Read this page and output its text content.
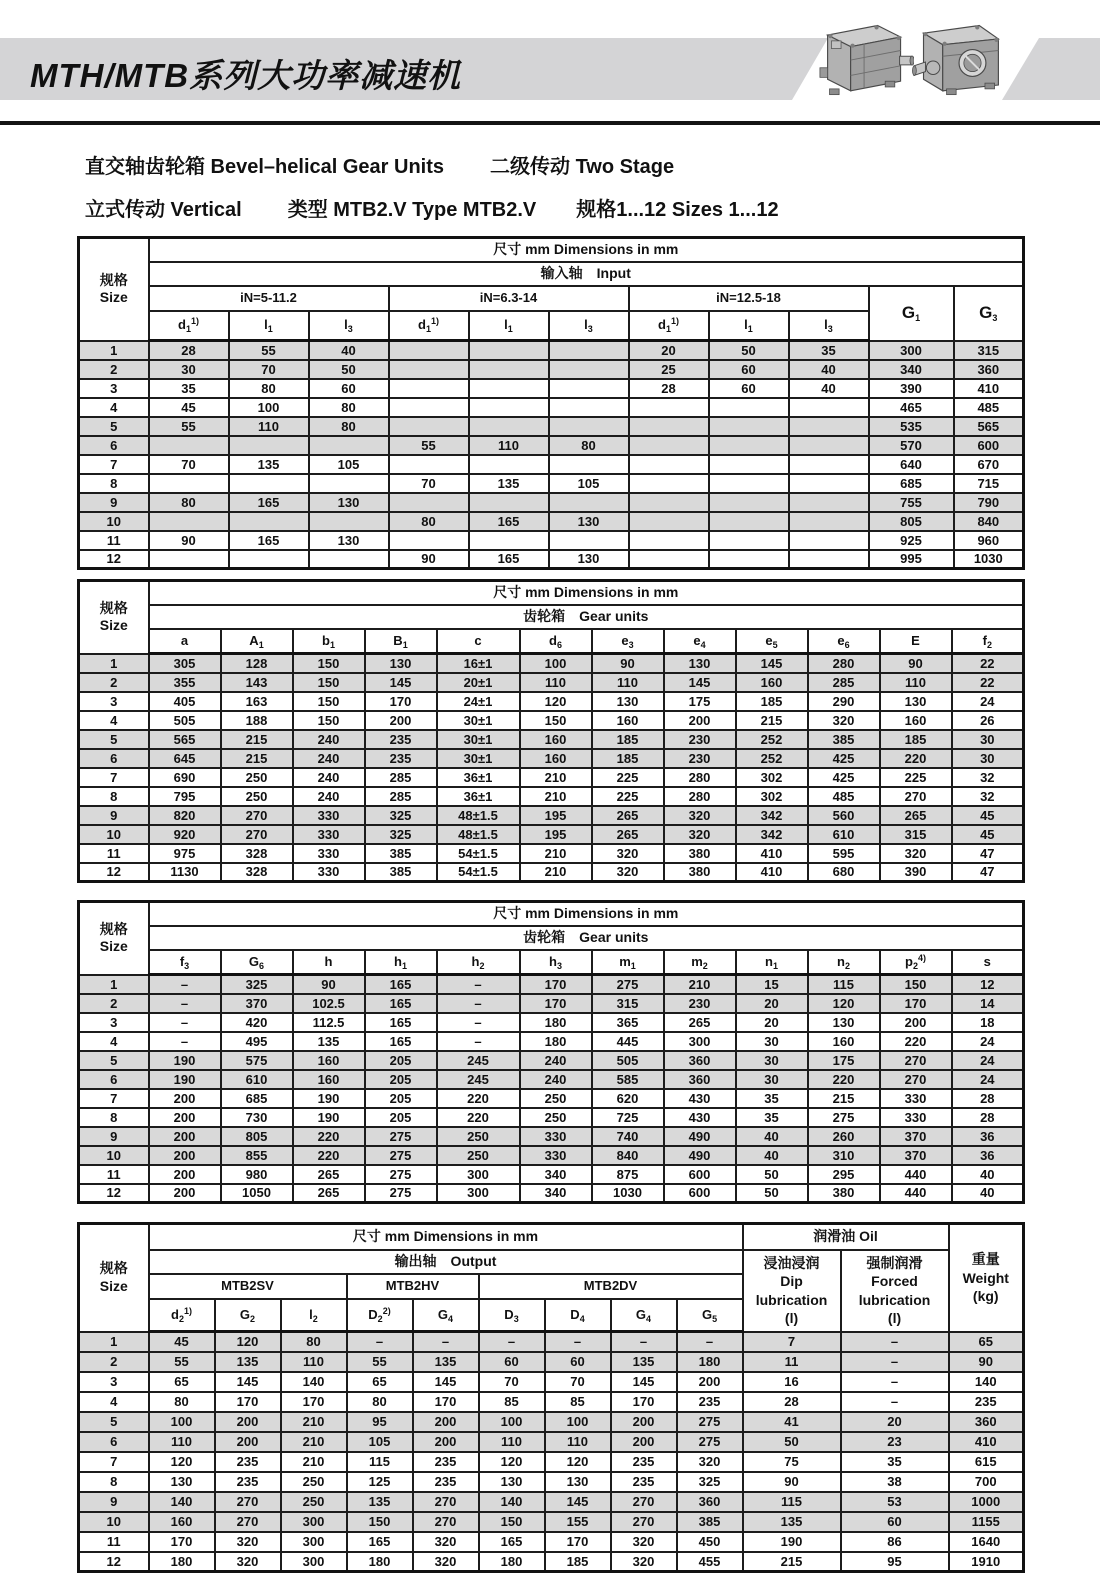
MTH/MTB系列大功率减速机

直交轴齿轮箱 Bevel–helical Gear Units 二级传动 Two Stage

立式传动 Vertical 类型 MTB2.V Type MTB2.V 规格1...12 Sizes 1...12

规格
Size	尺寸 mm Dimensions in mm										
	输入轴　Input										
	iN=5-11.2			iN=6.3-14			iN=12.5-18			$G_1$	$G_3$
	$d_1^{1)}$	$l_1$	$l_3$	$d_1^{1)}$	$l_1$	$l_3$	$d_1^{1)}$	$l_1$	$l_3$
1	28	55	40				20	50	35	300	315
2	30	70	50				25	60	40	340	360
3	35	80	60				28	60	40	390	410
4	45	100	80							465	485
5	55	110	80							535	565
6				55	110	80				570	600
7	70	135	105							640	670
8				70	135	105				685	715
9	80	165	130							755	790
10				80	165	130				805	840
11	90	165	130							925	960
12				90	165	130				995	1030
规格
Size	尺寸 mm Dimensions in mm											
	齿轮箱　Gear units											
	a	$A_1$	$b_1$	$B_1$	c	$d_6$	$e_3$	$e_4$	$e_5$	$e_6$	E	$f_2$
1	305	128	150	130	16±1	100	90	130	145	280	90	22
2	355	143	150	145	20±1	110	110	145	160	285	110	22
3	405	163	150	170	24±1	120	130	175	185	290	130	24
4	505	188	150	200	30±1	150	160	200	215	320	160	26
5	565	215	240	235	30±1	160	185	230	252	385	185	30
6	645	215	240	235	30±1	160	185	230	252	425	220	30
7	690	250	240	285	36±1	210	225	280	302	425	225	32
8	795	250	240	285	36±1	210	225	280	302	485	270	32
9	820	270	330	325	48±1.5	195	265	320	342	560	265	45
10	920	270	330	325	48±1.5	195	265	320	342	610	315	45
11	975	328	330	385	54±1.5	210	320	380	410	595	320	47
12	1130	328	330	385	54±1.5	210	320	380	410	680	390	47
规格
Size	尺寸 mm Dimensions in mm											
	齿轮箱　Gear units											
	$f_3$	$G_6$	h	$h_1$	$h_2$	$h_3$	$m_1$	$m_2$	$n_1$	$n_2$	$p_2^{4)}$	s
1	–	325	90	165	–	170	275	210	15	115	150	12
2	–	370	102.5	165	–	170	315	230	20	120	170	14
3	–	420	112.5	165	–	180	365	265	20	130	200	18
4	–	495	135	165	–	180	445	300	30	160	220	24
5	190	575	160	205	245	240	505	360	30	175	270	24
6	190	610	160	205	245	240	585	360	30	220	270	24
7	200	685	190	205	220	250	620	430	35	215	330	28
8	200	730	190	205	220	250	725	430	35	275	330	28
9	200	805	220	275	250	330	740	490	40	260	370	36
10	200	855	220	275	250	330	840	490	40	310	370	36
11	200	980	265	275	300	340	875	600	50	295	440	40
12	200	1050	265	275	300	340	1030	600	50	380	440	40
规格
Size	尺寸 mm Dimensions in mm									润滑油 Oil		重量
Weight
(kg)
	输出轴　Output									浸油浸润
Dip lubrication
(l)	强制润滑
Forced lubrication
(l)	
	MTB2SV			MTB2HV		MTB2DV						
	$d_2^{1)}$	$G_2$	$l_2$	$D_2^{2)}$	$G_4$	$D_3$	$D_4$	$G_4$	$G_5$
1	45	120	80	–	–	–	–	–	–	7	–	65
2	55	135	110	55	135	60	60	135	180	11	–	90
3	65	145	140	65	145	70	70	145	200	16	–	140
4	80	170	170	80	170	85	85	170	235	28	–	235
5	100	200	210	95	200	100	100	200	275	41	20	360
6	110	200	210	105	200	110	110	200	275	50	23	410
7	120	235	210	115	235	120	120	235	320	75	35	615
8	130	235	250	125	235	130	130	235	325	90	38	700
9	140	270	250	135	270	140	145	270	360	115	53	1000
10	160	270	300	150	270	150	155	270	385	135	60	1155
11	170	320	300	165	320	165	170	320	450	190	86	1640
12	180	320	300	180	320	180	185	320	455	215	95	1910
